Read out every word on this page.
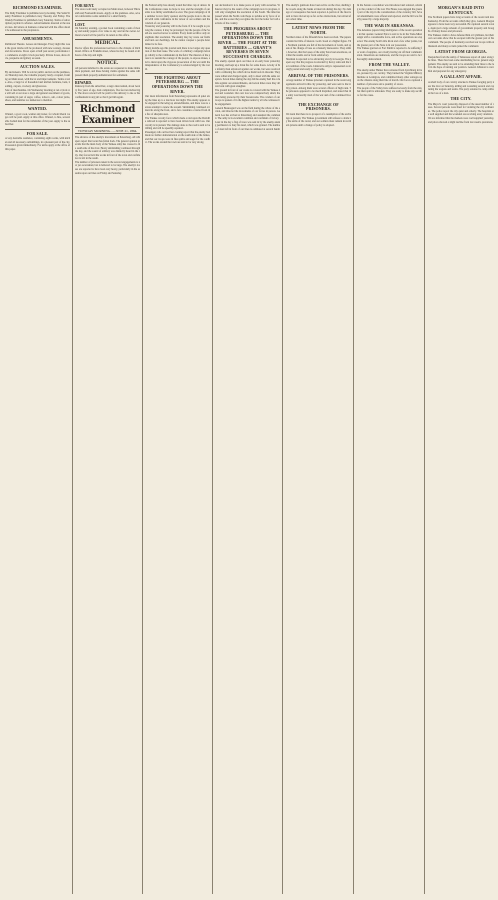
RICHMOND EXAMINER.
The Daily Examiner is published every morning. The Semi-Weekly Examiner is published every Tuesday and Friday. The Weekly Examiner is published every Saturday. Terms of subscription payable in advance. Advertisements inserted at the usual rates. All letters on business connected with the office should be addressed to the proprietors.
AMUSEMENTS.
Richmond Theatre. Lessee and manager. Every night this week the great drama will be produced with new scenery, dresses and decorations. Doors open at half past seven; performance to commence at eight o'clock precisely. Private boxes, dress circle, parquette and gallery as usual.
AUCTION SALES.
By auctioneers. Will be sold at public auction on the premises, on Thursday next, the valuable property lately occupied, fronting on Main street, with the lot and improvements. Terms at sale. Also, a large lot of household and kitchen furniture, beds, bedding, carpets, crockery and glassware.
Sale of merchandise. On Wednesday morning at ten o'clock we will sell at our store a large and general assortment of goods, consisting in part of sugar, coffee, tobacco, salt, cotton yarns, shoes, and sundries too numerous to mention.
WANTED.
Wanted, a good cook, washer and ironer, for whom liberal wages will be paid. Apply at this office. Wanted, to hire, several able bodied men for the remainder of the year. Apply to the subscriber.
FOR SALE.
A very desirable residence, containing eight rooms, with kitchen and all necessary outbuildings, in a pleasant part of the city. Possession given immediately. For terms apply at the office of this paper.
FOR RENT.
The store room lately occupied on Main street, between Thirteenth and Fourteenth streets. Apply on the premises. Also, several comfortable rooms suitable for a small family.
LOST.
On Saturday evening, a pocket book containing a sum of money and sundry papers of no value to any one but the owner. A liberal reward will be paid for its return to this office.
MEDICAL.
Doctor offers his professional services to the citizens of Richmond. Office on Franklin street, where he may be found at all hours of the day and night.
NOTICE.
All persons indebted to the estate are requested to make immediate payment, and those having claims against the same will present them properly authenticated for settlement.
REWARD.
Ranaway from the subscriber, a negro man named, about twenty five years of age, dark complexion, five feet ten inches high. The above reward will be paid for his delivery to me or his confinement in any jail so that I get him again.
Richmond Examiner
TUESDAY MORNING......JUNE 21, 1864.
The advance of the enemy's movement on Petersburg. All whispers report that Grant has fallen back. The general opinion prevails that the main body of the Yankee army has crossed to the south side of the river. Heavy skirmishing continued through the day, and the sound of artillery was distinctly heard in the city. Our forces hold the works in front of the town and confidence is felt in the result.
The number of prisoners taken in the several engagements is not yet ascertained, but is believed to be large. The enemy's losses are reported to have been very heavy, particularly in the assaults upon our lines on Friday and Saturday.
the Federal army has already tested the bitter cup of defeat. In the Confederate cause no hope is lost, and the strength of our arms is as firmly established as ever. The great campaign of the summer is now fairly opened, and the people look to the result with calm confidence in the valour of our soldiers and the wisdom of our generals.
Yesterday and yesterday still in the front. If it be sought to prolong the contest, it may be prolonged; but the people of the South are resolved never to submit. Every fresh sacrifice only strengthens that resolution. The enemy may lay waste our fields and burn our dwellings, but he cannot conquer a people determined to be free.
Many months ago this journal said there is no longer any question of the final issue. The work of a military campaign belongs wholly to the commanders in the field. The mission of the press is to sustain the courage of the people, to expose abuses, and to insist upon the vigorous prosecution of the war until the independence of the Confederacy is acknowledged by the world.
THE FIGHTING ABOUT PETERSBURG — THE OPERATIONS DOWN THE RIVER.
Our latest information from Petersburg represents all quiet along the lines up to a late hour last night. The enemy appears to be engaged in throwing up entrenchments, and there was no serious attempt to renew the assault. Skirmishing continued at intervals along the front, and a few casualties occurred from the fire of sharpshooters.
The Yankee cavalry force which made a raid upon the Danville railroad is reported to have been driven back with loss. Our cavalry is in pursuit. The damage done to the road is said to be trifling and will be speedily repaired.
Passengers who arrived last evening report that the enemy had made no further demonstration on the south side of the James, and that our troops were in fine spirits and eager for the conflict. The works around the town are said to be very strong.
our declaration it is to make peace of party with ourselves. Whatever may be the result of the campaign now in progress, it will only strengthen the resolution of the South. The time has passed when the North could hope to subdue us by force of arms, and the sooner they recognise the fact the better for both sections of the country.
THE PROGRESS ABOUT PETERSBURG — THE OPERATIONS DOWN THE RIVER — THE FIGHT AT THE BATTERIES — GRANT'S REVERSES IN SEVEN SUCCESSIVE CHARGES.
The enemy opened upon our lines at an early hour yesterday morning, and kept up a brisk fire for some hours. A body of his infantry then advanced against our works, but were received with a withering fire which drove them back in disorder. They were rallied and charged again, only to meet with the same reception. Seven times during the day did the enemy hurl his columns against our entrenchments, and seven times were they driven back with great slaughter.
The ground in front of our works is covered with the Yankee dead and wounded. Our own loss was comparatively small, the men being protected by their breastworks. The conduct of our troops is spoken of in the highest terms by all who witnessed the engagement.
General Beauregard was on the field during the whole of the action, and directed the movements of our forces in person. General Lee has arrived at Petersburg and assumed the command. The army is in excellent condition and confident of victory.
Later in the day a flag of truce was sent in by the enemy asking permission to bury his dead, which was granted. The number of dead left in front of our lines is estimated at several hundred.
The enemy's gunboats have been active on the river, shelling the woods along the banks at intervals during the day. No damage of consequence has been reported. A portion of the fleet is said to have moved up as far as the obstructions, but retired after a short time.
LATEST NEWS FROM THE NORTH.
Northern dates of the fifteenth have been received. The papers contain but little of interest. Gold closed at a higher figure. The Northern journals are full of the movements of Grant, and speak of his change of base as a masterly manoeuvre. They admit, however, that the losses of the army have been enormous, and that the results are far from satisfactory.
Sherman is reported to be advancing slowly in Georgia. The papers say that his progress is retarded by heavy rains and the bad condition of the roads. Johnston's army is represented as strongly posted and ready to give battle.
ARRIVAL OF THE PRISONERS.
A large number of Yankee prisoners captured in the recent engagements arrived in this city yesterday, and were sent to the Libby prison. Among them were several officers of high rank. The prisoners appeared to be much dispirited, and stated that the army was heartily tired of the war and of the continued bloodshed.
THE EXCHANGE OF PRISONERS.
We learn that there is no prospect of a resumption of the exchange at present. The Yankee government still refuses to abide by the terms of the cartel, and our soldiers must remain in northern prisons until a change of policy is adopted.
In the Senate a resolution was introduced and referred, relating to the conduct of the war. The House was engaged the greater part of the day in the consideration of the currency bill. Several amendments were offered and rejected, and the bill was finally passed by a large majority.
THE WAR IN ARKANSAS.
The Arkansas papers bring intelligence of the recent operations in that quarter. General Price is said to be in the Trans-Mississippi with a considerable force, and active operations are expected. The enemy hold Little Rock and a few other points, but the greater part of the State is in our possession.
The Yankee garrison at Fort Smith is reported to be suffering for want of supplies, our cavalry having cut off their communication. Desertions are numerous, and the troops are said to be thoroughly demoralized.
FROM THE VALLEY.
The enemy under Hunter have retreated from Lynchburg in haste, pursued by our cavalry. They burned the Virginia Military Institute at Lexington, and committed many other outrages upon the citizens along their line of march. Our forces captured a number of prisoners and a quantity of stores.
The people of the Valley have suffered severely from the raid, but their spirit is unbroken. They are ready to make any sacrifice for the cause.
MORGAN'S RAID INTO KENTUCKY.
The Northern papers have long accounts of the recent raid into Kentucky. From the accounts which they give, General Morgan appears to have been very successful. He captured several towns, destroyed a large amount of government property and brought off many horses and prisoners.
The Yankees claim to have defeated him at Cynthiana, but their own accounts show that he escaped with the greater part of his command. The people of Kentucky received our troops with enthusiasm and many recruits joined the command.
LATEST FROM GEORGIA.
Despatches from the Army of Tennessee report all quiet along the lines. There has been some skirmishing but no general engagement. The enemy are said to be extending their lines to the left in the hope of turning our position. General Johnston is watchful and prepared for any emergency.
A GALLANT AFFAIR.
A small body of our cavalry attacked a Yankee foraging party near the river on Saturday, killing and wounding several and capturing the wagons and teams. The party returned to camp without the loss of a man.
THE CITY.
The Mayor's court yesterday disposed of the usual number of cases. Several persons were fined for violating the city ordinances. The police report the city quiet and orderly. The hospitals are well supplied and the wounded are receiving every attention.
We are informed that the markets were well supplied yesterday, and prices showed a slight decline from last week's quotations.
